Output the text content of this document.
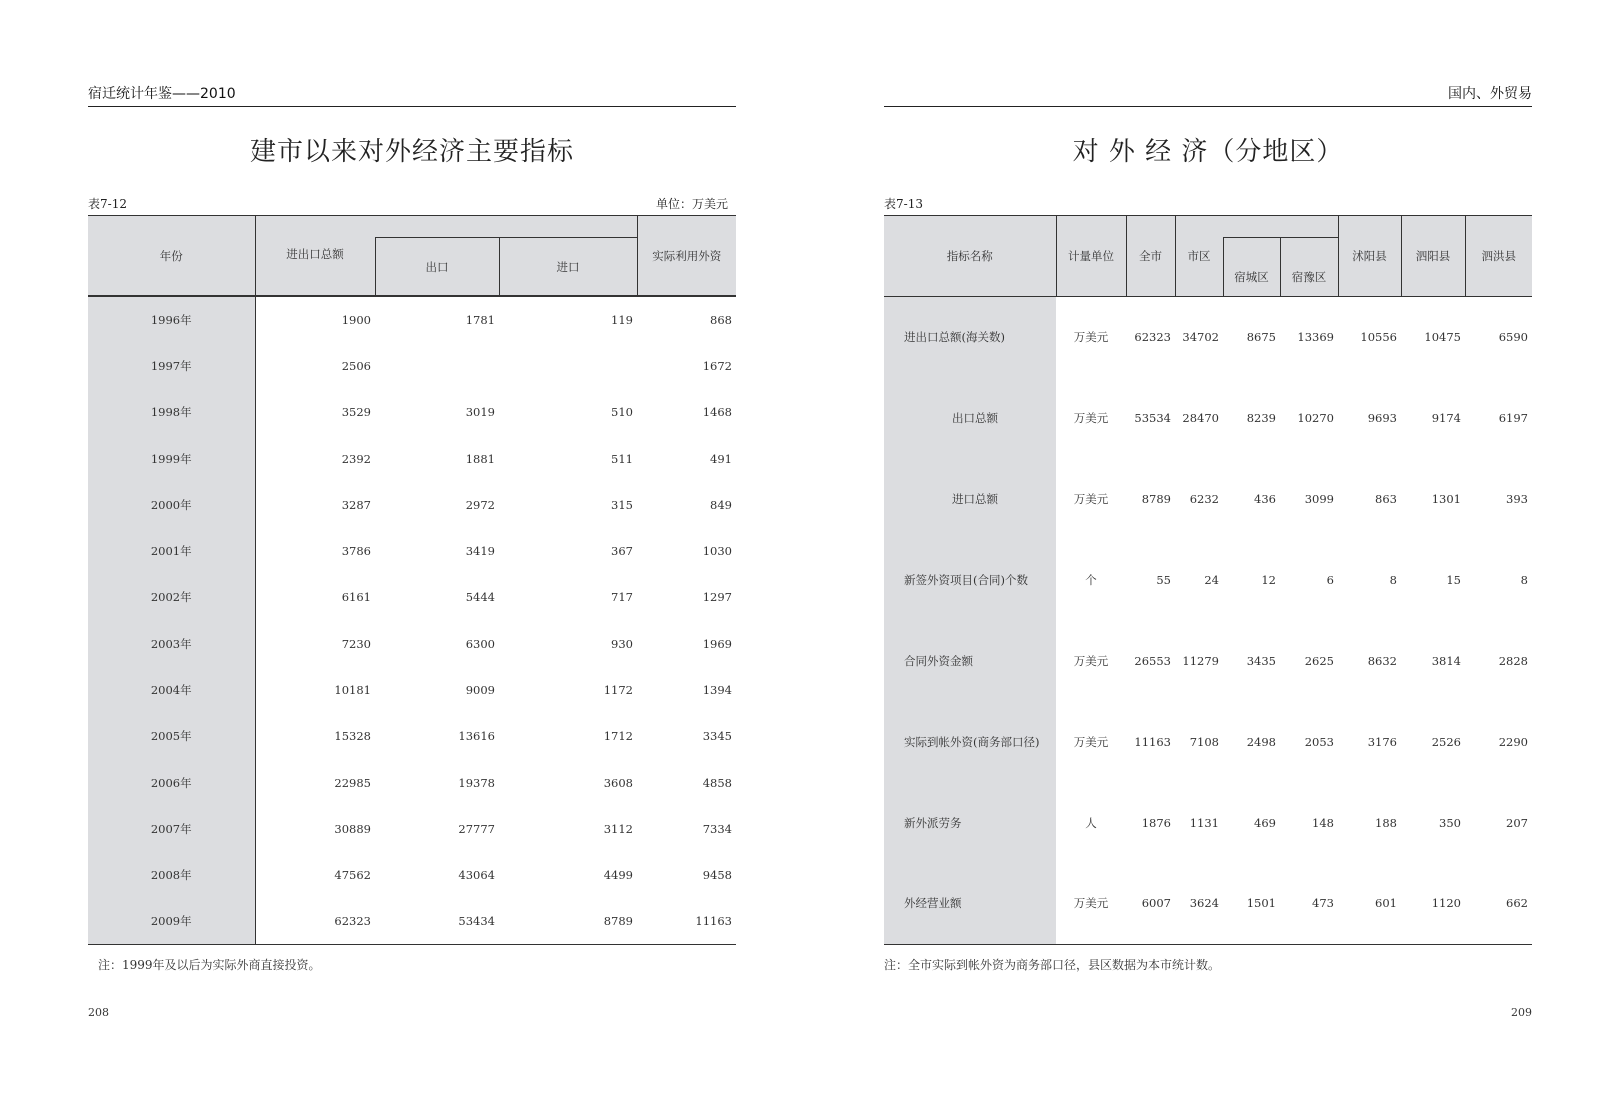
宿迁统计年鉴——2010
建市以来对外经济主要指标
表7-12	单位：万美元
年份	进出口总额			实际利用外资
		出口	进口	

1996年	1900	1781	119	868
1997年	2506			1672
1998年	3529	3019	510	1468
1999年	2392	1881	511	491
2000年	3287	2972	315	849
2001年	3786	3419	367	1030
2002年	6161	5444	717	1297
2003年	7230	6300	930	1969
2004年	10181	9009	1172	1394
2005年	15328	13616	1712	3345
2006年	22985	19378	3608	4858
2007年	30889	27777	3112	7334
2008年	47562	43064	4499	9458
2009年	62323	53434	8789	11163
注：1999年及以后为实际外商直接投资。
208
国内、外贸易
对 外 经 济（分地区）
表7-13
指标名称	计量单位	全市	市区			沭阳县	泗阳县	泗洪县
				宿城区	宿豫区			

进出口总额(海关数)	万美元	62323	34702	8675	13369	10556	10475	6590
出口总额	万美元	53534	28470	8239	10270	9693	9174	6197
进口总额	万美元	8789	6232	436	3099	863	1301	393
新签外资项目(合同)个数	个	55	24	12	6	8	15	8
合同外资金额	万美元	26553	11279	3435	2625	8632	3814	2828
实际到帐外资(商务部口径)	万美元	11163	7108	2498	2053	3176	2526	2290
新外派劳务	人	1876	1131	469	148	188	350	207
外经营业额	万美元	6007	3624	1501	473	601	1120	662
注：全市实际到帐外资为商务部口径，县区数据为本市统计数。
209
